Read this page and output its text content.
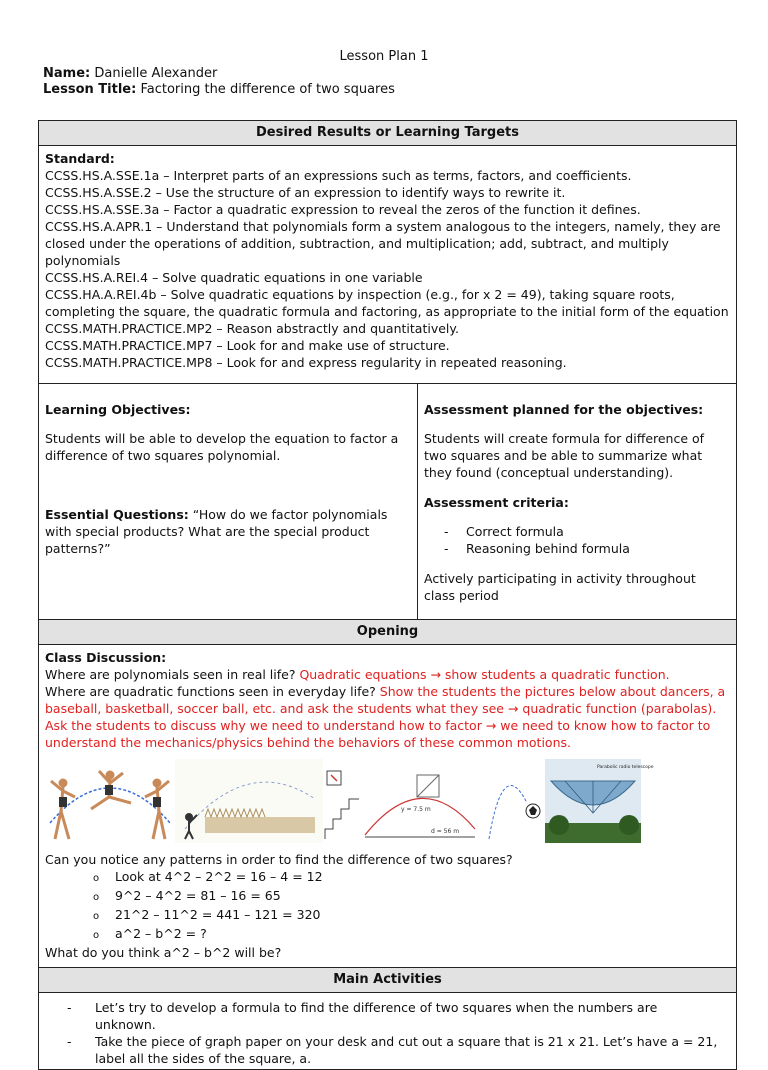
Lesson Plan 1
Name: Danielle Alexander
Lesson Title: Factoring the difference of two squares
Desired Results or Learning Targets

Standard:

CCSS.HS.A.SSE.1a – Interpret parts of an expressions such as terms, factors, and coefficients.

CCSS.HS.A.SSE.2 – Use the structure of an expression to identify ways to rewrite it.

CCSS.HS.A.SSE.3a – Factor a quadratic expression to reveal the zeros of the function it defines.

CCSS.HS.A.APR.1 – Understand that polynomials form a system analogous to the integers, namely, they are closed under the operations of addition, subtraction, and multiplication; add, subtract, and multiply polynomials

CCSS.HS.A.REI.4 – Solve quadratic equations in one variable

CCSS.HA.A.REI.4b – Solve quadratic equations by inspection (e.g., for x 2 = 49), taking square roots, completing the square, the quadratic formula and factoring, as appropriate to the initial form of the equation

CCSS.MATH.PRACTICE.MP2 – Reason abstractly and quantitatively.

CCSS.MATH.PRACTICE.MP7 – Look for and make use of structure.

CCSS.MATH.PRACTICE.MP8 – Look for and express regularity in repeated reasoning.

Learning Objectives:

Students will be able to develop the equation to factor a difference of two squares polynomial.

Essential Questions: “How do we factor polynomials with special products? What are the special product patterns?”

Assessment planned for the objectives:

Students will create formula for difference of two squares and be able to summarize what they found (conceptual understanding).

Assessment criteria:

- Correct formula
- Reasoning behind formula

Actively participating in activity throughout class period

Opening

Class Discussion:

Where are polynomials seen in real life? Quadratic equations → show students a quadratic function.

Where are quadratic functions seen in everyday life? Show the students the pictures below about dancers, a baseball, basketball, soccer ball, etc. and ask the students what they see → quadratic function (parabolas). Ask the students to discuss why we need to understand how to factor → we need to know how to factor to understand the mechanics/physics behind the behaviors of these common motions.

y = 7.5 m
d = 56 m
Parabolic radio telescope

Can you notice any patterns in order to find the difference of two squares?

o Look at 4^2 – 2^2 = 16 – 4 = 12
o 9^2 – 4^2 = 81 – 16 = 65
o 21^2 – 11^2 = 441 – 121 = 320
o a^2 – b^2 = ?

What do you think a^2 – b^2 will be?

Main Activities
- Let’s try to develop a formula to find the difference of two squares when the numbers are unknown.
- Take the piece of graph paper on your desk and cut out a square that is 21 x 21. Let’s have a = 21, label all the sides of the square, a.
